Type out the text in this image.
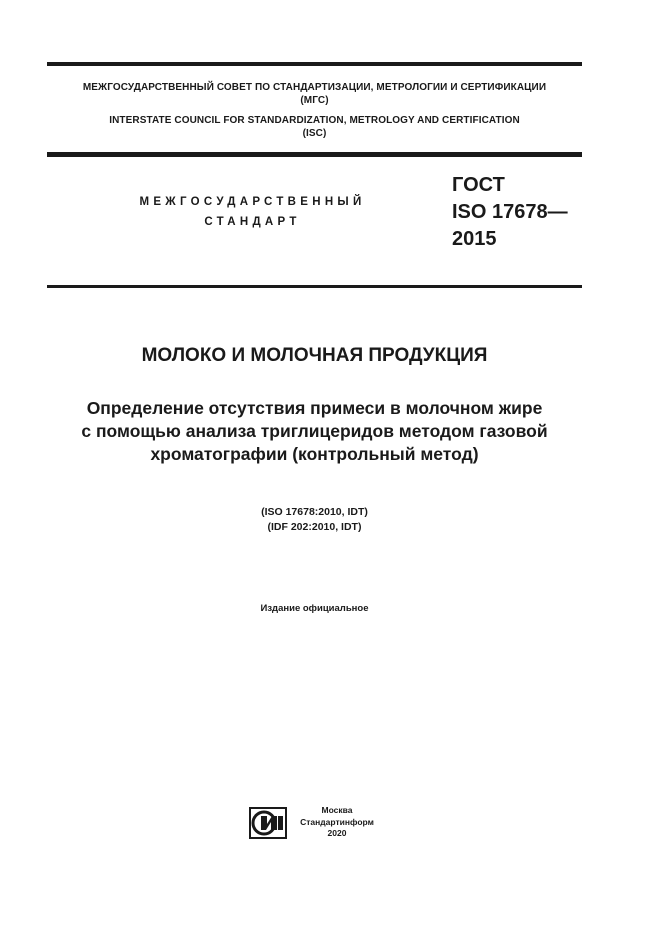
МЕЖГОСУДАРСТВЕННЫЙ СОВЕТ ПО СТАНДАРТИЗАЦИИ, МЕТРОЛОГИИ И СЕРТИФИКАЦИИ
(МГС)
INTERSTATE COUNCIL FOR STANDARDIZATION, METROLOGY AND CERTIFICATION
(ISC)
МЕЖГОСУДАРСТВЕННЫЙ
СТАНДАРТ
ГОСТ
ISO 17678—
2015
МОЛОКО И МОЛОЧНАЯ ПРОДУКЦИЯ
Определение отсутствия примеси в молочном жире
с помощью анализа триглицеридов методом газовой
хроматографии (контрольный метод)
(ISO 17678:2010, IDT)
(IDF 202:2010, IDT)
Издание официальное
Москва
Стандартинформ
2020
